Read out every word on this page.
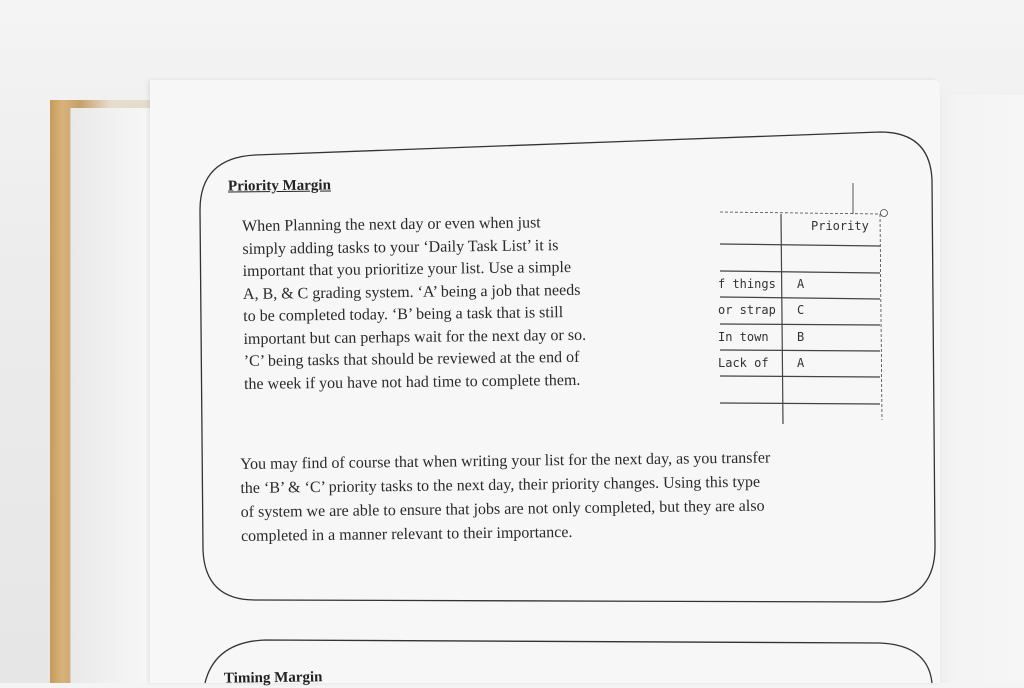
Priority Margin

When Planning the next day or even when just
simply adding tasks to your ‘Daily Task List’ it is
important that you prioritize your list. Use a simple
A, B, & C grading system. ‘A’ being a job that needs
to be completed today. ‘B’ being a task that is still
important but can perhaps wait for the next day or so.
’C’ being tasks that should be reviewed at the end of
the week if you have not had time to complete them.

Priority
f things A
or strap C
In town B
Lack of A

You may find of course that when writing your list for the next day, as you transfer
the ‘B’ & ‘C’ priority tasks to the next day, their priority changes. Using this type
of system we are able to ensure that jobs are not only completed, but they are also
completed in a manner relevant to their importance.

Timing Margin
